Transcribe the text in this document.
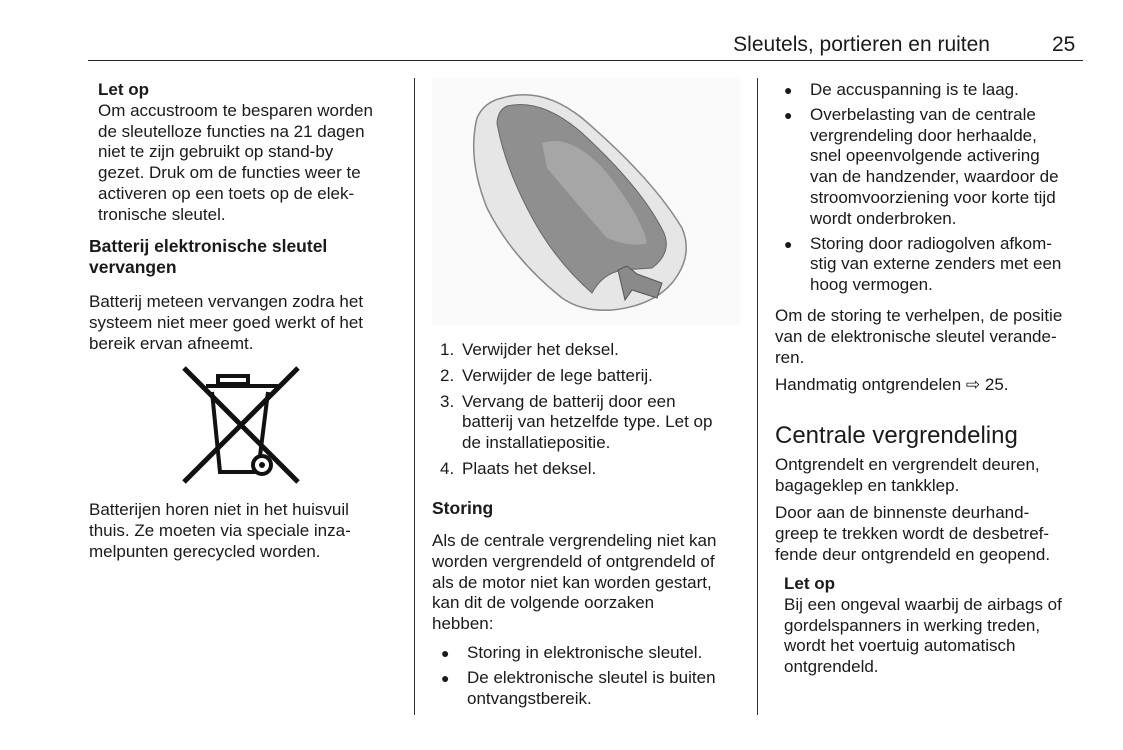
Sleutels, portieren en ruiten	25
Let op
Om accustroom te besparen worden
de sleutelloze functies na 21 dagen
niet te zijn gebruikt op stand-by
gezet. Druk om de functies weer te
activeren op een toets op de elek-
tronische sleutel.
Batterij elektronische sleutel
vervangen
Batterij meteen vervangen zodra het
systeem niet meer goed werkt of het
bereik ervan afneemt.
Batterijen horen niet in het huisvuil
thuis. Ze moeten via speciale inza-
melpunten gerecycled worden.
1. Verwijder het deksel.
2. Verwijder de lege batterij.
3. Vervang de batterij door een
batterij van hetzelfde type. Let op
de installatiepositie.
4. Plaats het deksel.
Storing
Als de centrale vergrendeling niet kan
worden vergrendeld of ontgrendeld of
als de motor niet kan worden gestart,
kan dit de volgende oorzaken
hebben:
● Storing in elektronische sleutel.
● De elektronische sleutel is buiten
ontvangstbereik.
● De accuspanning is te laag.
● Overbelasting van de centrale
vergrendeling door herhaalde,
snel opeenvolgende activering
van de handzender, waardoor de
stroomvoorziening voor korte tijd
wordt onderbroken.
● Storing door radiogolven afkom-
stig van externe zenders met een
hoog vermogen.
Om de storing te verhelpen, de positie
van de elektronische sleutel verande-
ren.
Handmatig ontgrendelen ⇨ 25.
Centrale vergrendeling
Ontgrendelt en vergrendelt deuren,
bagageklep en tankklep.
Door aan de binnenste deurhand-
greep te trekken wordt de desbetref-
fende deur ontgrendeld en geopend.
Let op
Bij een ongeval waarbij de airbags of
gordelspanners in werking treden,
wordt het voertuig automatisch
ontgrendeld.
